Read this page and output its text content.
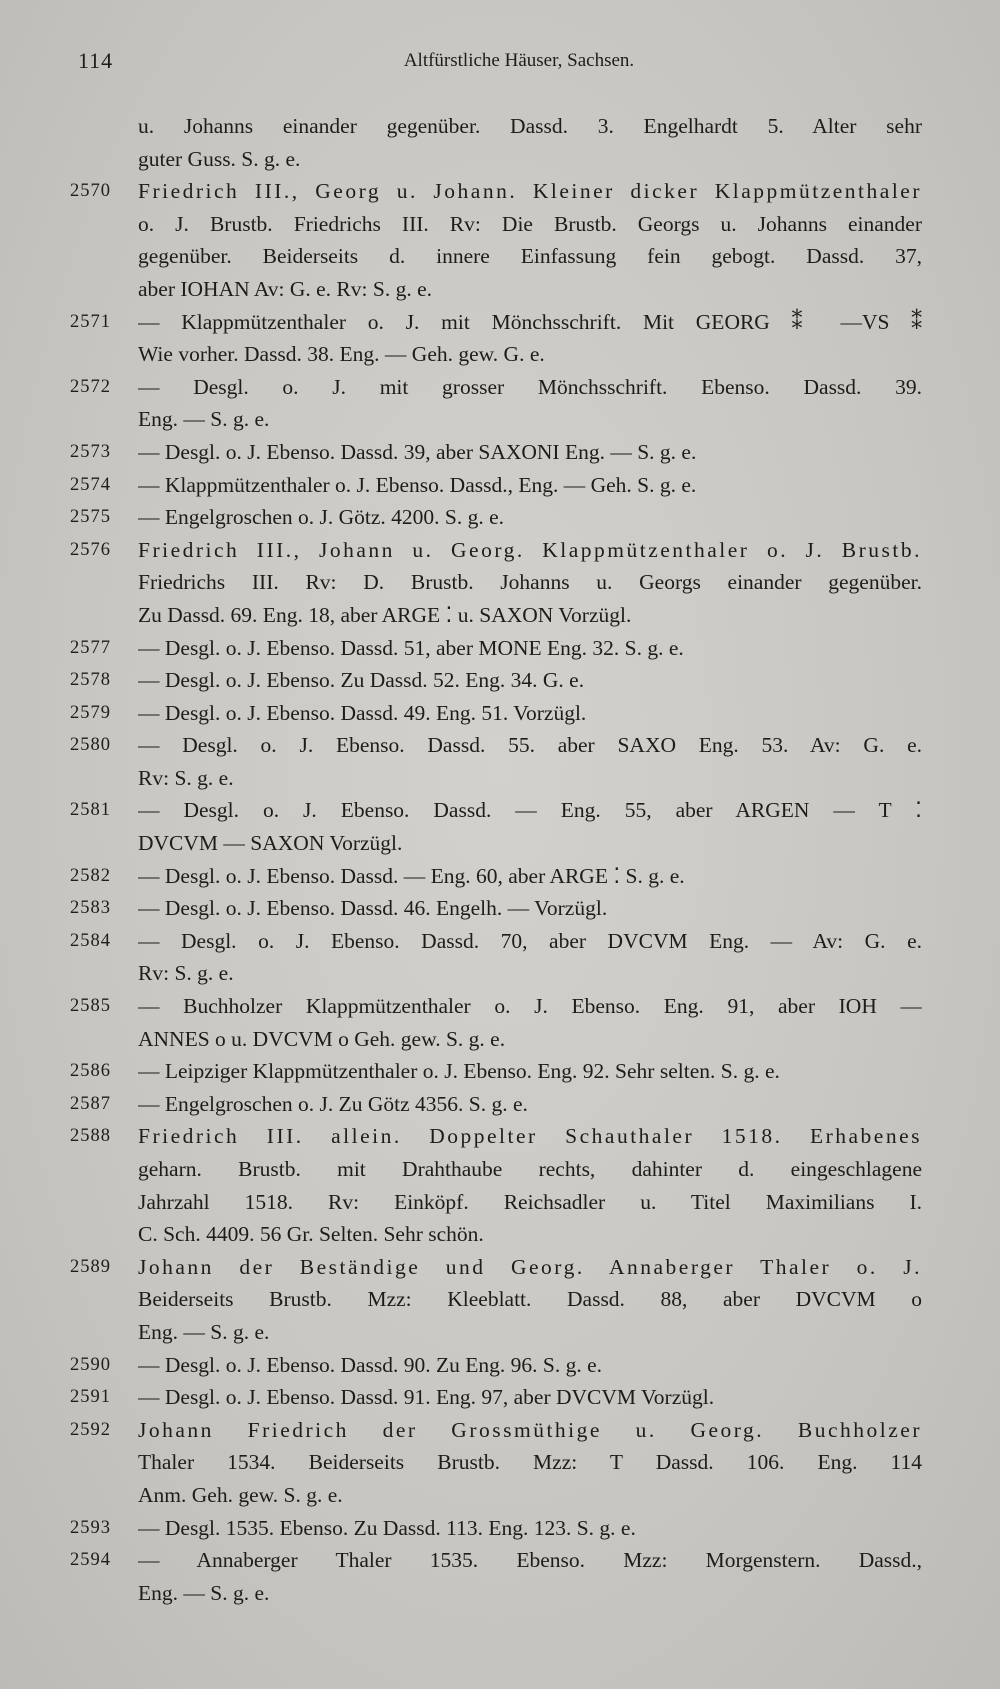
114	Altfürstliche Häuser, Sachsen.
u. Johanns einander gegenüber. Dassd. 3. Engelhardt 5. Alter sehr
guter Guss. S. g. e.
2570	Friedrich III., Georg u. Johann. Kleiner dicker Klappmützenthaler
o. J. Brustb. Friedrichs III. Rv: Die Brustb. Georgs u. Johanns einander
gegenüber. Beiderseits d. innere Einfassung fein gebogt. Dassd. 37,
aber IOHAN Av: G. e. Rv: S. g. e.
2571	— Klappmützenthaler o. J. mit Mönchsschrift. Mit GEORG ⁑ —VS ⁑
Wie vorher. Dassd. 38. Eng. — Geh. gew. G. e.
2572	— Desgl. o. J. mit grosser Mönchsschrift. Ebenso. Dassd. 39.
Eng. — S. g. e.
2573	— Desgl. o. J. Ebenso. Dassd. 39, aber SAXONI Eng. — S. g. e.
2574	— Klappmützenthaler o. J. Ebenso. Dassd., Eng. — Geh. S. g. e.
2575	— Engelgroschen o. J. Götz. 4200. S. g. e.
2576	Friedrich III., Johann u. Georg. Klappmützenthaler o. J. Brustb.
Friedrichs III. Rv: D. Brustb. Johanns u. Georgs einander gegenüber.
Zu Dassd. 69. Eng. 18, aber ARGE ⁚ u. SAXON Vorzügl.
2577	— Desgl. o. J. Ebenso. Dassd. 51, aber MONE Eng. 32. S. g. e.
2578	— Desgl. o. J. Ebenso. Zu Dassd. 52. Eng. 34. G. e.
2579	— Desgl. o. J. Ebenso. Dassd. 49. Eng. 51. Vorzügl.
2580	— Desgl. o. J. Ebenso. Dassd. 55. aber SAXO Eng. 53. Av: G. e.
Rv: S. g. e.
2581	— Desgl. o. J. Ebenso. Dassd. — Eng. 55, aber ARGEN — T ⁚
DVCVM — SAXON Vorzügl.
2582	— Desgl. o. J. Ebenso. Dassd. — Eng. 60, aber ARGE ⁚ S. g. e.
2583	— Desgl. o. J. Ebenso. Dassd. 46. Engelh. — Vorzügl.
2584	— Desgl. o. J. Ebenso. Dassd. 70, aber DVCVM Eng. — Av: G. e.
Rv: S. g. e.
2585	— Buchholzer Klappmützenthaler o. J. Ebenso. Eng. 91, aber IOH —
ANNES o u. DVCVM o Geh. gew. S. g. e.
2586	— Leipziger Klappmützenthaler o. J. Ebenso. Eng. 92. Sehr selten. S. g. e.
2587	— Engelgroschen o. J. Zu Götz 4356. S. g. e.
2588	Friedrich III. allein. Doppelter Schauthaler 1518. Erhabenes
geharn. Brustb. mit Drahthaube rechts, dahinter d. eingeschlagene
Jahrzahl 1518. Rv: Einköpf. Reichsadler u. Titel Maximilians I.
C. Sch. 4409. 56 Gr. Selten. Sehr schön.
2589	Johann der Beständige und Georg. Annaberger Thaler o. J.
Beiderseits Brustb. Mzz: Kleeblatt. Dassd. 88, aber DVCVM o
Eng. — S. g. e.
2590	— Desgl. o. J. Ebenso. Dassd. 90. Zu Eng. 96. S. g. e.
2591	— Desgl. o. J. Ebenso. Dassd. 91. Eng. 97, aber DVCVM Vorzügl.
2592	Johann Friedrich der Grossmüthige u. Georg. Buchholzer
Thaler 1534. Beiderseits Brustb. Mzz: T Dassd. 106. Eng. 114
Anm. Geh. gew. S. g. e.
2593	— Desgl. 1535. Ebenso. Zu Dassd. 113. Eng. 123. S. g. e.
2594	— Annaberger Thaler 1535. Ebenso. Mzz: Morgenstern. Dassd.,
Eng. — S. g. e.
